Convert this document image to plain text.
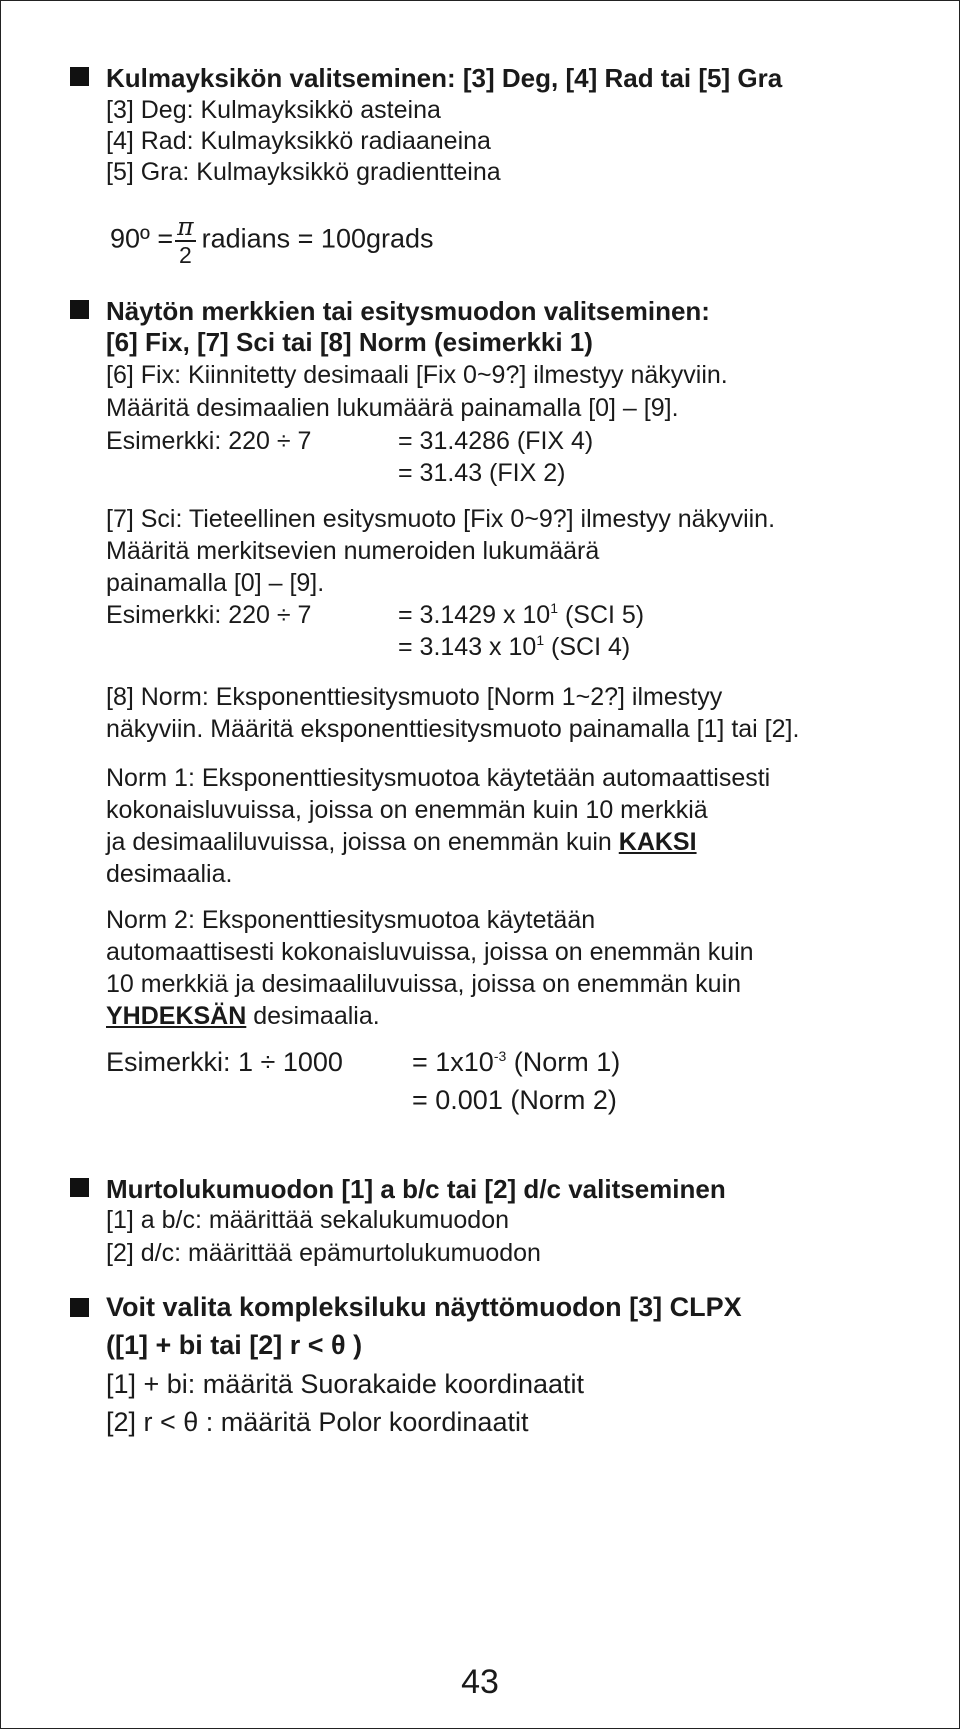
Kulmayksikön valitseminen: [3] Deg, [4] Rad tai [5] Gra
[3] Deg: Kulmayksikkö asteina
[4] Rad: Kulmayksikkö radiaaneina
[5] Gra: Kulmayksikkö gradientteina
90º = $\frac{\pi}{2}$ radians = 100grads
Näytön merkkien tai esitysmuodon valitseminen:
[6] Fix, [7] Sci tai [8] Norm (esimerkki 1)
[6] Fix: Kiinnitetty desimaali [Fix 0~9?] ilmestyy näkyviin.
Määritä desimaalien lukumäärä painamalla [0] – [9].
Esimerkki: 220 ÷ 7	= 31.4286 (FIX 4)
= 31.43 (FIX 2)
[7] Sci: Tieteellinen esitysmuoto [Fix 0~9?] ilmestyy näkyviin.
Määritä merkitsevien numeroiden lukumäärä
painamalla [0] – [9].
Esimerkki: 220 ÷ 7	= 3.1429 x $10^1$ (SCI 5)
= 3.143 x $10^1$ (SCI 4)
[8] Norm: Eksponenttiesitysmuoto [Norm 1~2?] ilmestyy
näkyviin. Määritä eksponenttiesitysmuoto painamalla [1] tai [2].
Norm 1: Eksponenttiesitysmuotoa käytetään automaattisesti
kokonaisluvuissa, joissa on enemmän kuin 10 merkkiä
ja desimaaliluvuissa, joissa on enemmän kuin KAKSI
desimaalia.
Norm 2: Eksponenttiesitysmuotoa käytetään
automaattisesti kokonaisluvuissa, joissa on enemmän kuin
10 merkkiä ja desimaaliluvuissa, joissa on enemmän kuin
YHDEKSÄN desimaalia.
Esimerkki: 1 ÷ 1000	= $1x10^{-3}$ (Norm 1)
= 0.001 (Norm 2)
Murtolukumuodon [1] a b/c tai [2] d/c valitseminen
[1] a b/c: määrittää sekalukumuodon
[2] d/c: määrittää epämurtolukumuodon
Voit valita kompleksiluku näyttömuodon [3] CLPX
([1] + bi tai [2] r < θ )
[1] + bi: määritä Suorakaide koordinaatit
[2] r < θ : määritä Polor koordinaatit
43
